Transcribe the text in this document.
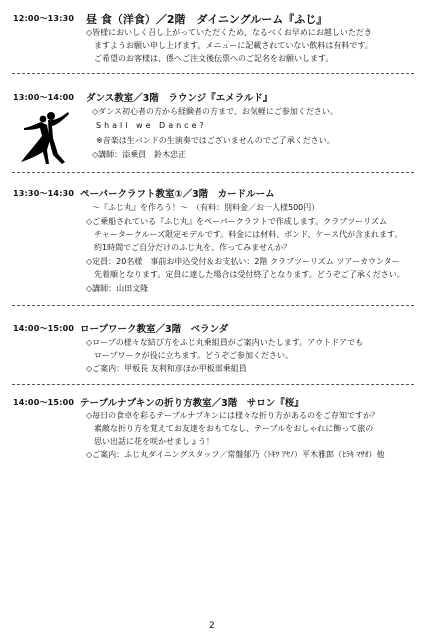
12:00～13:30 昼 食（洋食）／2階　ダイニングルーム『ふじ』
◇皆様においしく召し上がっていただくため、なるべくお早めにお越しいただき
　ますようお願い申し上げます。メニューに記載されていない飲料は有料です。
　ご希望のお客様は、係へご注文後伝票へのご記名をお願いします。
13:00～14:00 ダンス教室／3階　ラウンジ『エメラルド』
◇ダンス初心者の方から経験者の方まで、お気軽にご参加ください。
Shall we Dance?
※音楽は生バンドの生演奏ではございませんのでご了承ください。
◇講師：添乗員　鈴木忠正
13:30～14:30 ペーパークラフト教室①／3階　カードルーム
～『ふじ丸』を作ろう！～　（有料：別料金／お一人様500円）
◇ご乗船されている『ふじ丸』をペーパークラフトで作成します。クラブツーリズム
　チャータークルーズ限定モデルです。料金には材料、ボンド、ケース代が含まれます。
　約1時間でご自分だけのふじ丸を、作ってみませんか？
◇定員：20名様　事前お申込受付＆お支払い：2階 クラブツーリズム ツアーカウンター
　先着順となります。定員に達した場合は受付終了となります。どうぞご了承ください。
◇講師：山田文隆
14:00～15:00 ロープワーク教室／3階　ベランダ
◇ロープの様々な結び方をふじ丸乗組員がご案内いたします。アウトドアでも
　ロープワークが役に立ちます。どうぞご参加ください。
◇ご案内：甲板長 友利和彦ほか甲板部乗組員
14:00～15:00 テーブルナプキンの折り方教室／3階　サロン『桜』
◇毎日の食卓を彩るテーブルナプキンには様々な折り方があるのをご存知ですか？
　素敵な折り方を覚えてお友達をおもてなし、テーブルをおしゃれに飾って旅の
　思い出話に花を咲かせましょう！
◇ご案内：ふじ丸ダイニングスタッフ／常盤郁乃（ﾄｷﾜ ｱﾔﾉ）平木雅郎（ﾋﾗｷ ﾏｻｵ）他
2
